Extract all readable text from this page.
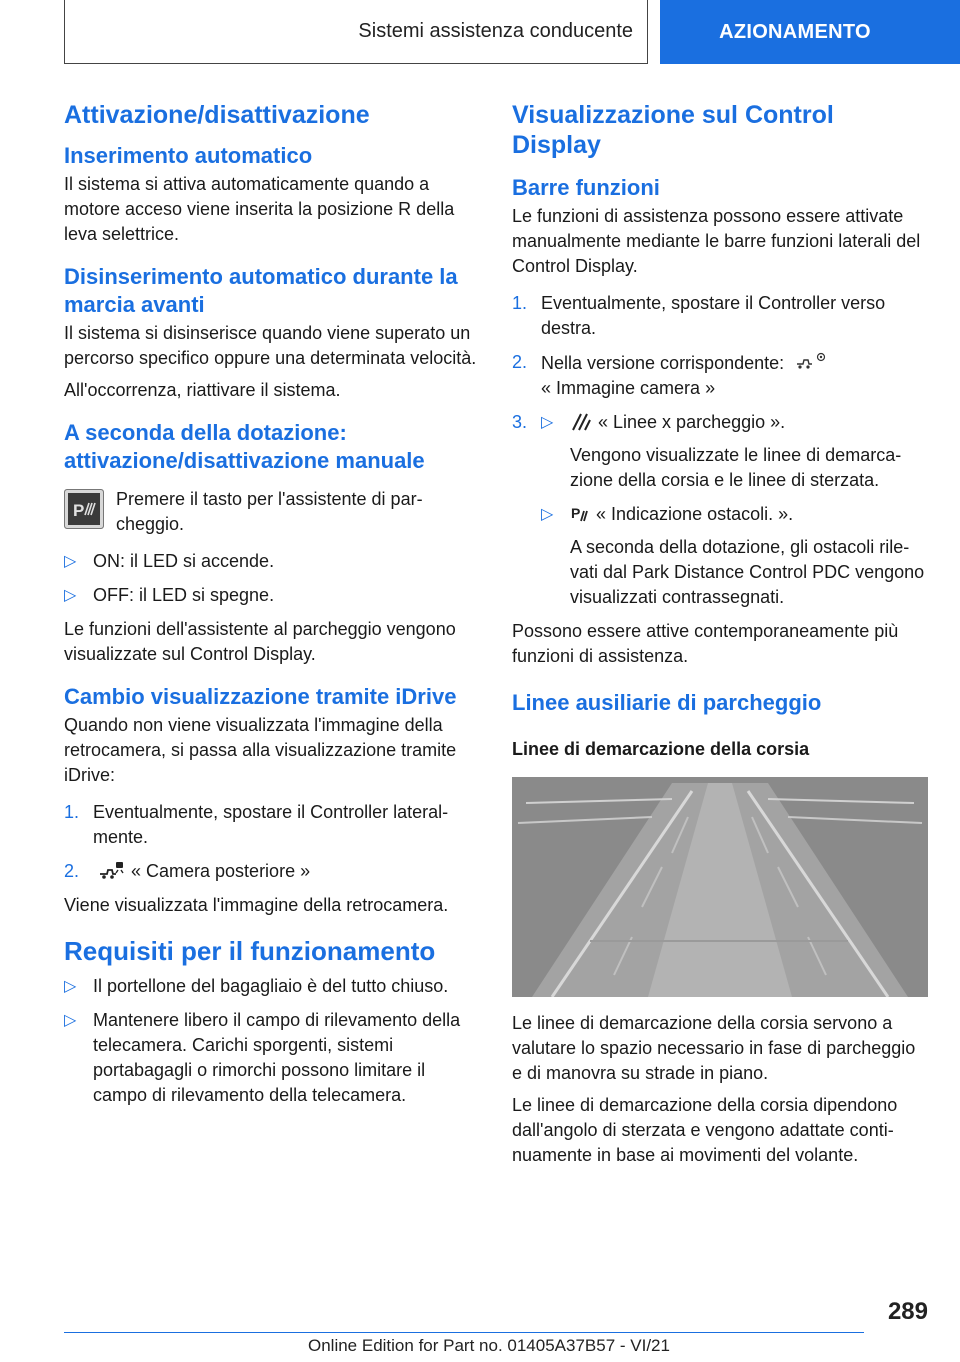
Sistemi assistenza conducente	AZIONAMENTO
Attivazione/disattivazione
Inserimento automatico

Il sistema si attiva automaticamente quando a motore acceso viene inserita la posizione R della leva selettrice.

Disinserimento automatico durante la marcia avanti

Il sistema si disinserisce quando viene superato un percorso specifico oppure una determinata velocità.

All'occorrenza, riattivare il sistema.

A seconda della dotazione: attivazione/disattivazione manuale
P
Premere il tasto per l'assistente di parcheggio.
▷ ON: il LED si accende.
▷ OFF: il LED si spegne.

Le funzioni dell'assistente al parcheggio vengono visualizzate sul Control Display.

Cambio visualizzazione tramite iDrive

Quando non viene visualizzata l'immagine della retrocamera, si passa alla visualizzazione tramite iDrive:

1. Eventualmente, spostare il Controller lateralmente.
2.	« Camera posteriore »

Viene visualizzata l'immagine della retrocamera.

Requisiti per il funzionamento
▷ Il portellone del bagagliaio è del tutto chiuso.
▷ Mantenere libero il campo di rilevamento della telecamera. Carichi sporgenti, sistemi portabagagli o rimorchi possono limitare il campo di rilevamento della telecamera.
Visualizzazione sul Control Display
Barre funzioni

Le funzioni di assistenza possono essere attivate manualmente mediante le barre funzioni laterali del Control Display.

1. Eventualmente, spostare il Controller verso destra.
2. Nella versione corrispondente:
« Immagine camera »
3. ▷ « Linee x parcheggio ».
Vengono visualizzate le linee di demarcazione della corsia e le linee di sterzata.
▷ P « Indicazione ostacoli. ».
A seconda della dotazione, gli ostacoli rilevati dal Park Distance Control PDC vengono visualizzati contrassegnati.

Possono essere attive contemporaneamente più funzioni di assistenza.

Linee ausiliarie di parcheggio
Linee di demarcazione della corsia

Le linee di demarcazione della corsia servono a valutare lo spazio necessario in fase di parcheggio e di manovra su strade in piano.

Le linee di demarcazione della corsia dipendono dall'angolo di sterzata e vengono adattate continuamente in base ai movimenti del volante.

289
Online Edition for Part no. 01405A37B57 - VI/21
